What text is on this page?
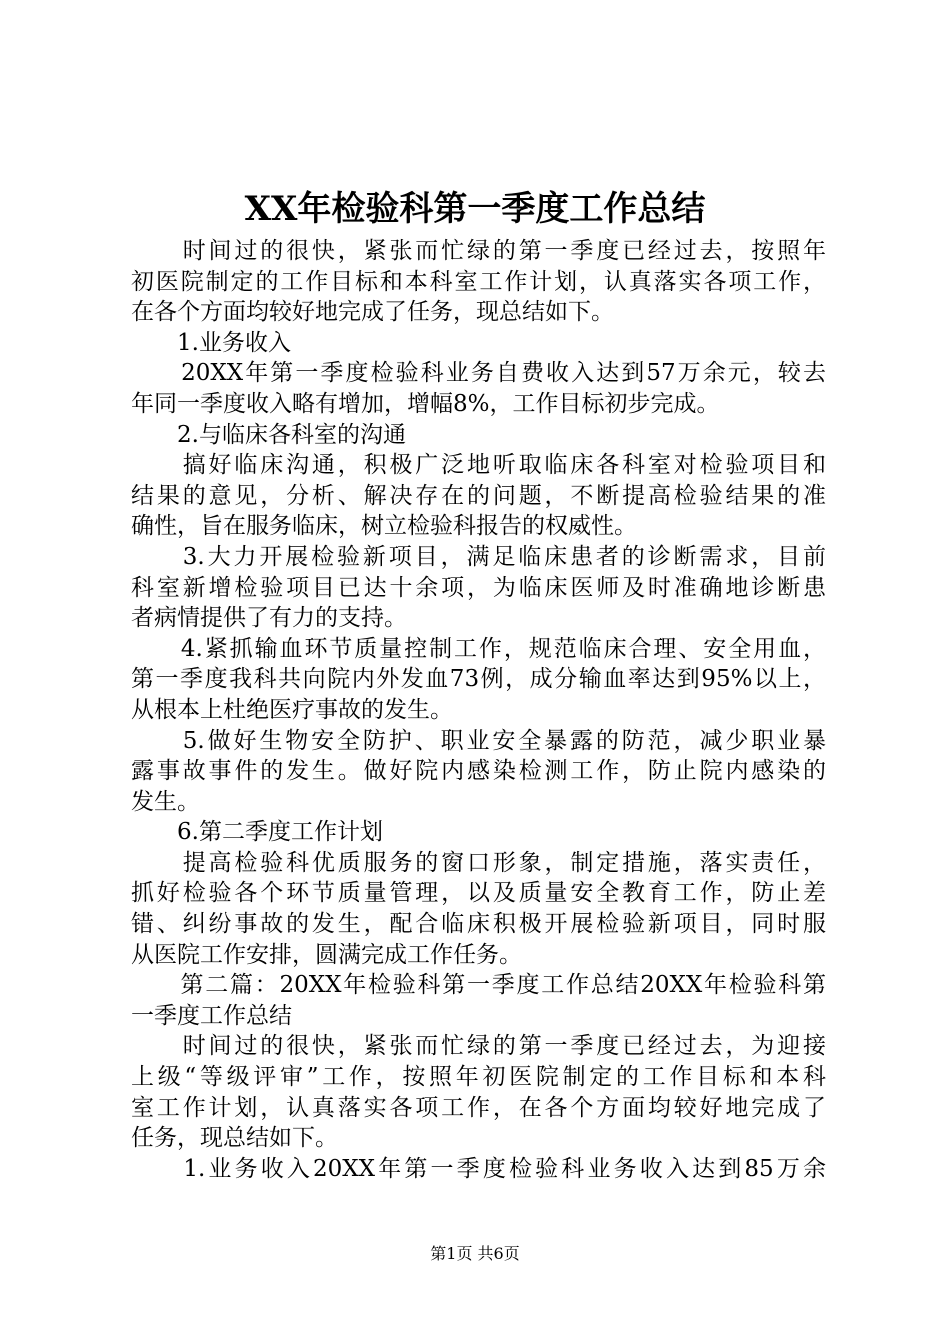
XX年检验科第一季度工作总结
　　时间过的很快，紧张而忙绿的第一季度已经过去，按照年
初医院制定的工作目标和本科室工作计划，认真落实各项工作，
在各个方面均较好地完成了任务，现总结如下。
　　1.业务收入
　　20XX年第一季度检验科业务自费收入达到57万余元，较去
年同一季度收入略有增加，增幅8%，工作目标初步完成。
　　2.与临床各科室的沟通
　　搞好临床沟通，积极广泛地听取临床各科室对检验项目和
结果的意见，分析、解决存在的问题，不断提高检验结果的准
确性，旨在服务临床，树立检验科报告的权威性。
　　3.大力开展检验新项目，满足临床患者的诊断需求，目前
科室新增检验项目已达十余项，为临床医师及时准确地诊断患
者病情提供了有力的支持。
　　4.紧抓输血环节质量控制工作，规范临床合理、安全用血，
第一季度我科共向院内外发血73例，成分输血率达到95%以上，
从根本上杜绝医疗事故的发生。
　　5.做好生物安全防护、职业安全暴露的防范，减少职业暴
露事故事件的发生。做好院内感染检测工作，防止院内感染的
发生。
　　6.第二季度工作计划
　　提高检验科优质服务的窗口形象，制定措施，落实责任，
抓好检验各个环节质量管理，以及质量安全教育工作，防止差
错、纠纷事故的发生，配合临床积极开展检验新项目，同时服
从医院工作安排，圆满完成工作任务。
　　第二篇：20XX年检验科第一季度工作总结20XX年检验科第
一季度工作总结
　　时间过的很快，紧张而忙绿的第一季度已经过去，为迎接
上级“等级评审”工作，按照年初医院制定的工作目标和本科
室工作计划，认真落实各项工作，在各个方面均较好地完成了
任务，现总结如下。
　　1.业务收入20XX年第一季度检验科业务收入达到85万余
第1页 共6页
